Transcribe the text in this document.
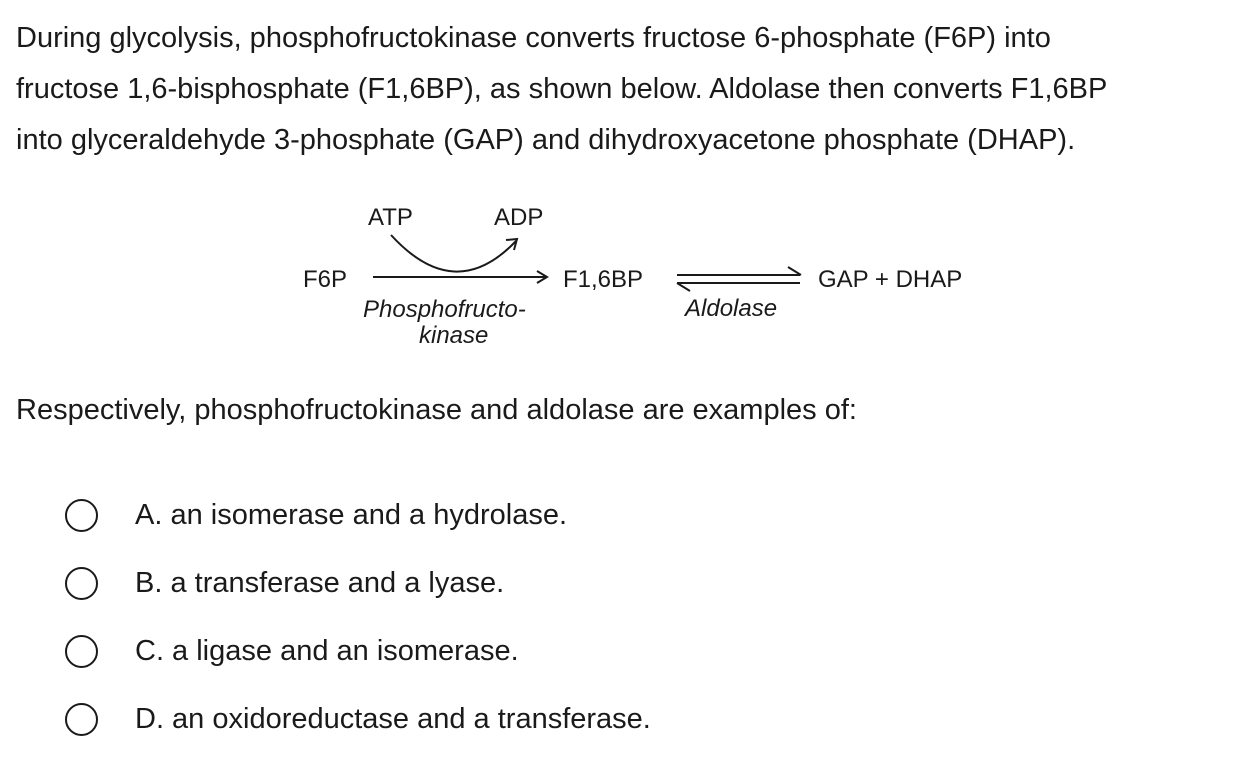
During glycolysis, phosphofructokinase converts fructose 6-phosphate (F6P) into

fructose 1,6-bisphosphate (F1,6BP), as shown below. Aldolase then converts F1,6BP

into glyceraldehyde 3-phosphate (GAP) and dihydroxyacetone phosphate (DHAP).

ATP	ADP
F6P	F1,6BP	GAP + DHAP
Phosphofructo-
kinase
Aldolase

Respectively, phosphofructokinase and aldolase are examples of:

A. an isomerase and a hydrolase.
B. a transferase and a lyase.
C. a ligase and an isomerase.
D. an oxidoreductase and a transferase.
